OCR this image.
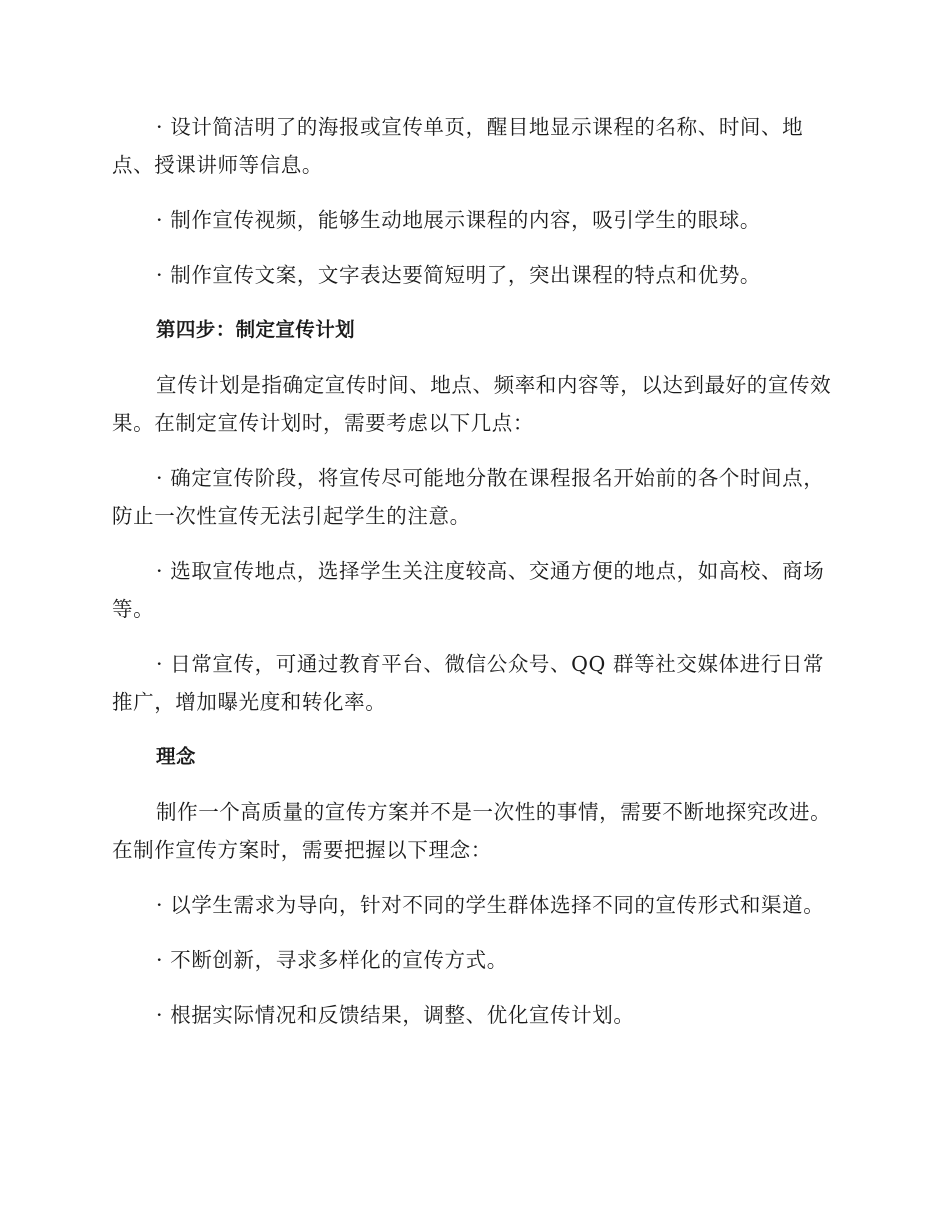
· 设计简洁明了的海报或宣传单页，醒目地显示课程的名称、时间、地点、授课讲师等信息。

· 制作宣传视频，能够生动地展示课程的内容，吸引学生的眼球。

· 制作宣传文案，文字表达要简短明了，突出课程的特点和优势。

第四步：制定宣传计划

宣传计划是指确定宣传时间、地点、频率和内容等，以达到最好的宣传效果。在制定宣传计划时，需要考虑以下几点：

· 确定宣传阶段，将宣传尽可能地分散在课程报名开始前的各个时间点，防止一次性宣传无法引起学生的注意。

· 选取宣传地点，选择学生关注度较高、交通方便的地点，如高校、商场等。

· 日常宣传，可通过教育平台、微信公众号、QQ 群等社交媒体进行日常推广，增加曝光度和转化率。

理念

制作一个高质量的宣传方案并不是一次性的事情，需要不断地探究改进。在制作宣传方案时，需要把握以下理念：

· 以学生需求为导向，针对不同的学生群体选择不同的宣传形式和渠道。

· 不断创新，寻求多样化的宣传方式。

· 根据实际情况和反馈结果，调整、优化宣传计划。
